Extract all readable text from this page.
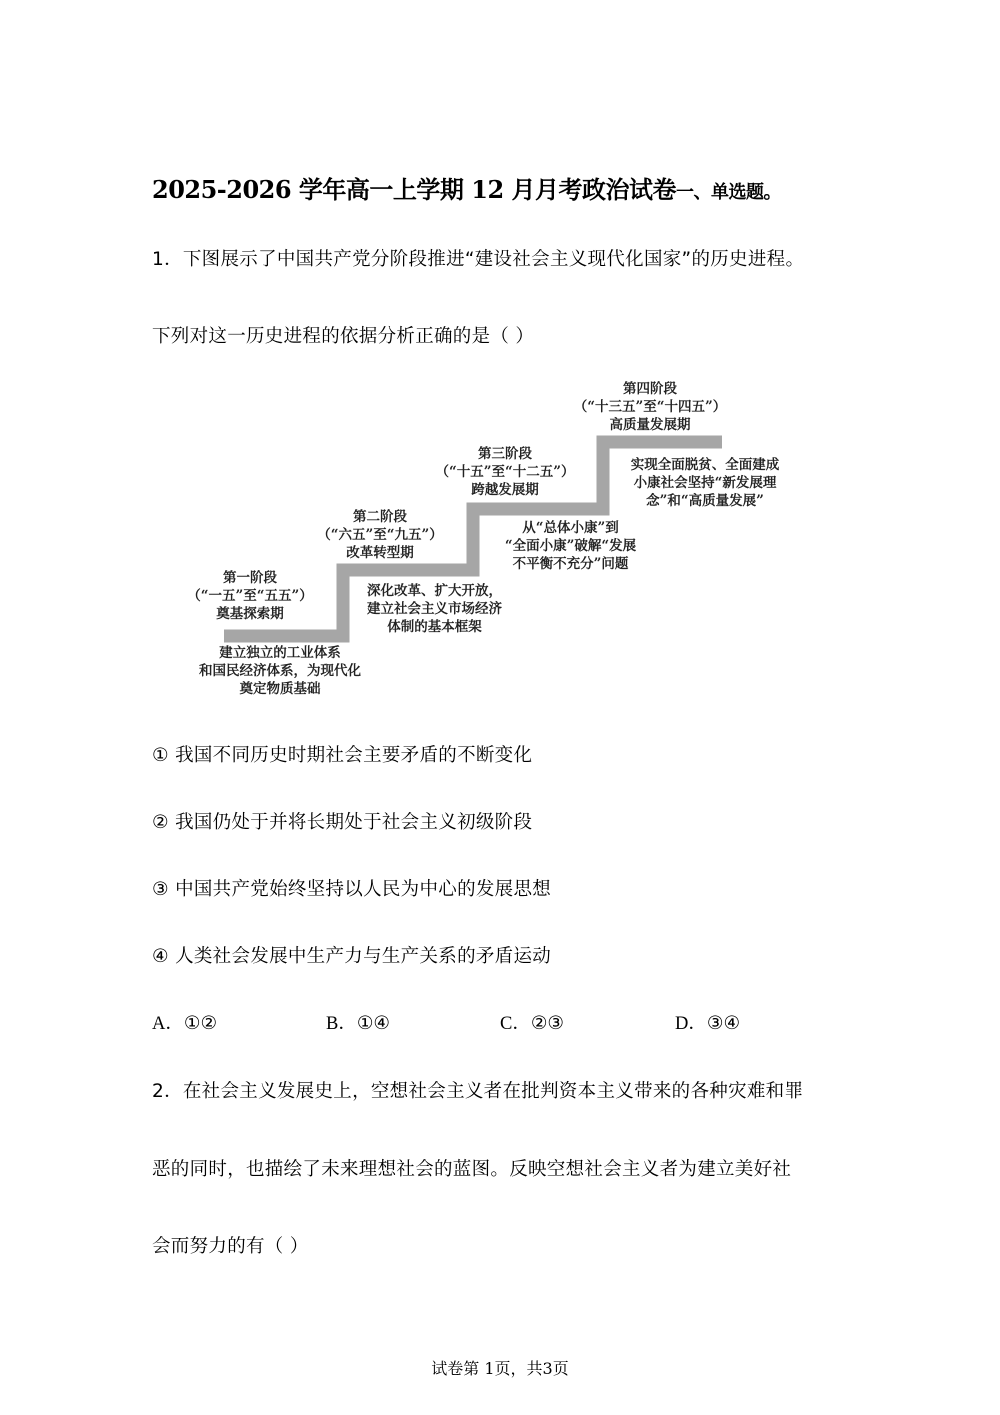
2025-2026 学年高一上学期 12 月月考政治试卷一、单选题。
1．下图展示了中国共产党分阶段推进“建设社会主义现代化国家”的历史进程。
下列对这一历史进程的依据分析正确的是（ ）
第一阶段
（“一五”至“五五”）
奠基探索期
建立独立的工业体系
和国民经济体系，为现代化
奠定物质基础
第二阶段
（“六五”至“九五”）
改革转型期
深化改革、扩大开放，
建立社会主义市场经济
体制的基本框架
第三阶段
（“十五”至“十二五”）
跨越发展期
从“总体小康”到
“全面小康”破解“发展
不平衡不充分”问题
第四阶段
（“十三五”至“十四五”）
高质量发展期
实现全面脱贫、全面建成
小康社会坚持“新发展理
念”和“高质量发展”
① 我国不同历史时期社会主要矛盾的不断变化
② 我国仍处于并将长期处于社会主义初级阶段
③ 中国共产党始终坚持以人民为中心的发展思想
④ 人类社会发展中生产力与生产关系的矛盾运动
A．①②	B．①④	C．②③	D．③④
2．在社会主义发展史上，空想社会主义者在批判资本主义带来的各种灾难和罪
恶的同时，也描绘了未来理想社会的蓝图。反映空想社会主义者为建立美好社
会而努力的有（ ）
试卷第 1页，共3页
